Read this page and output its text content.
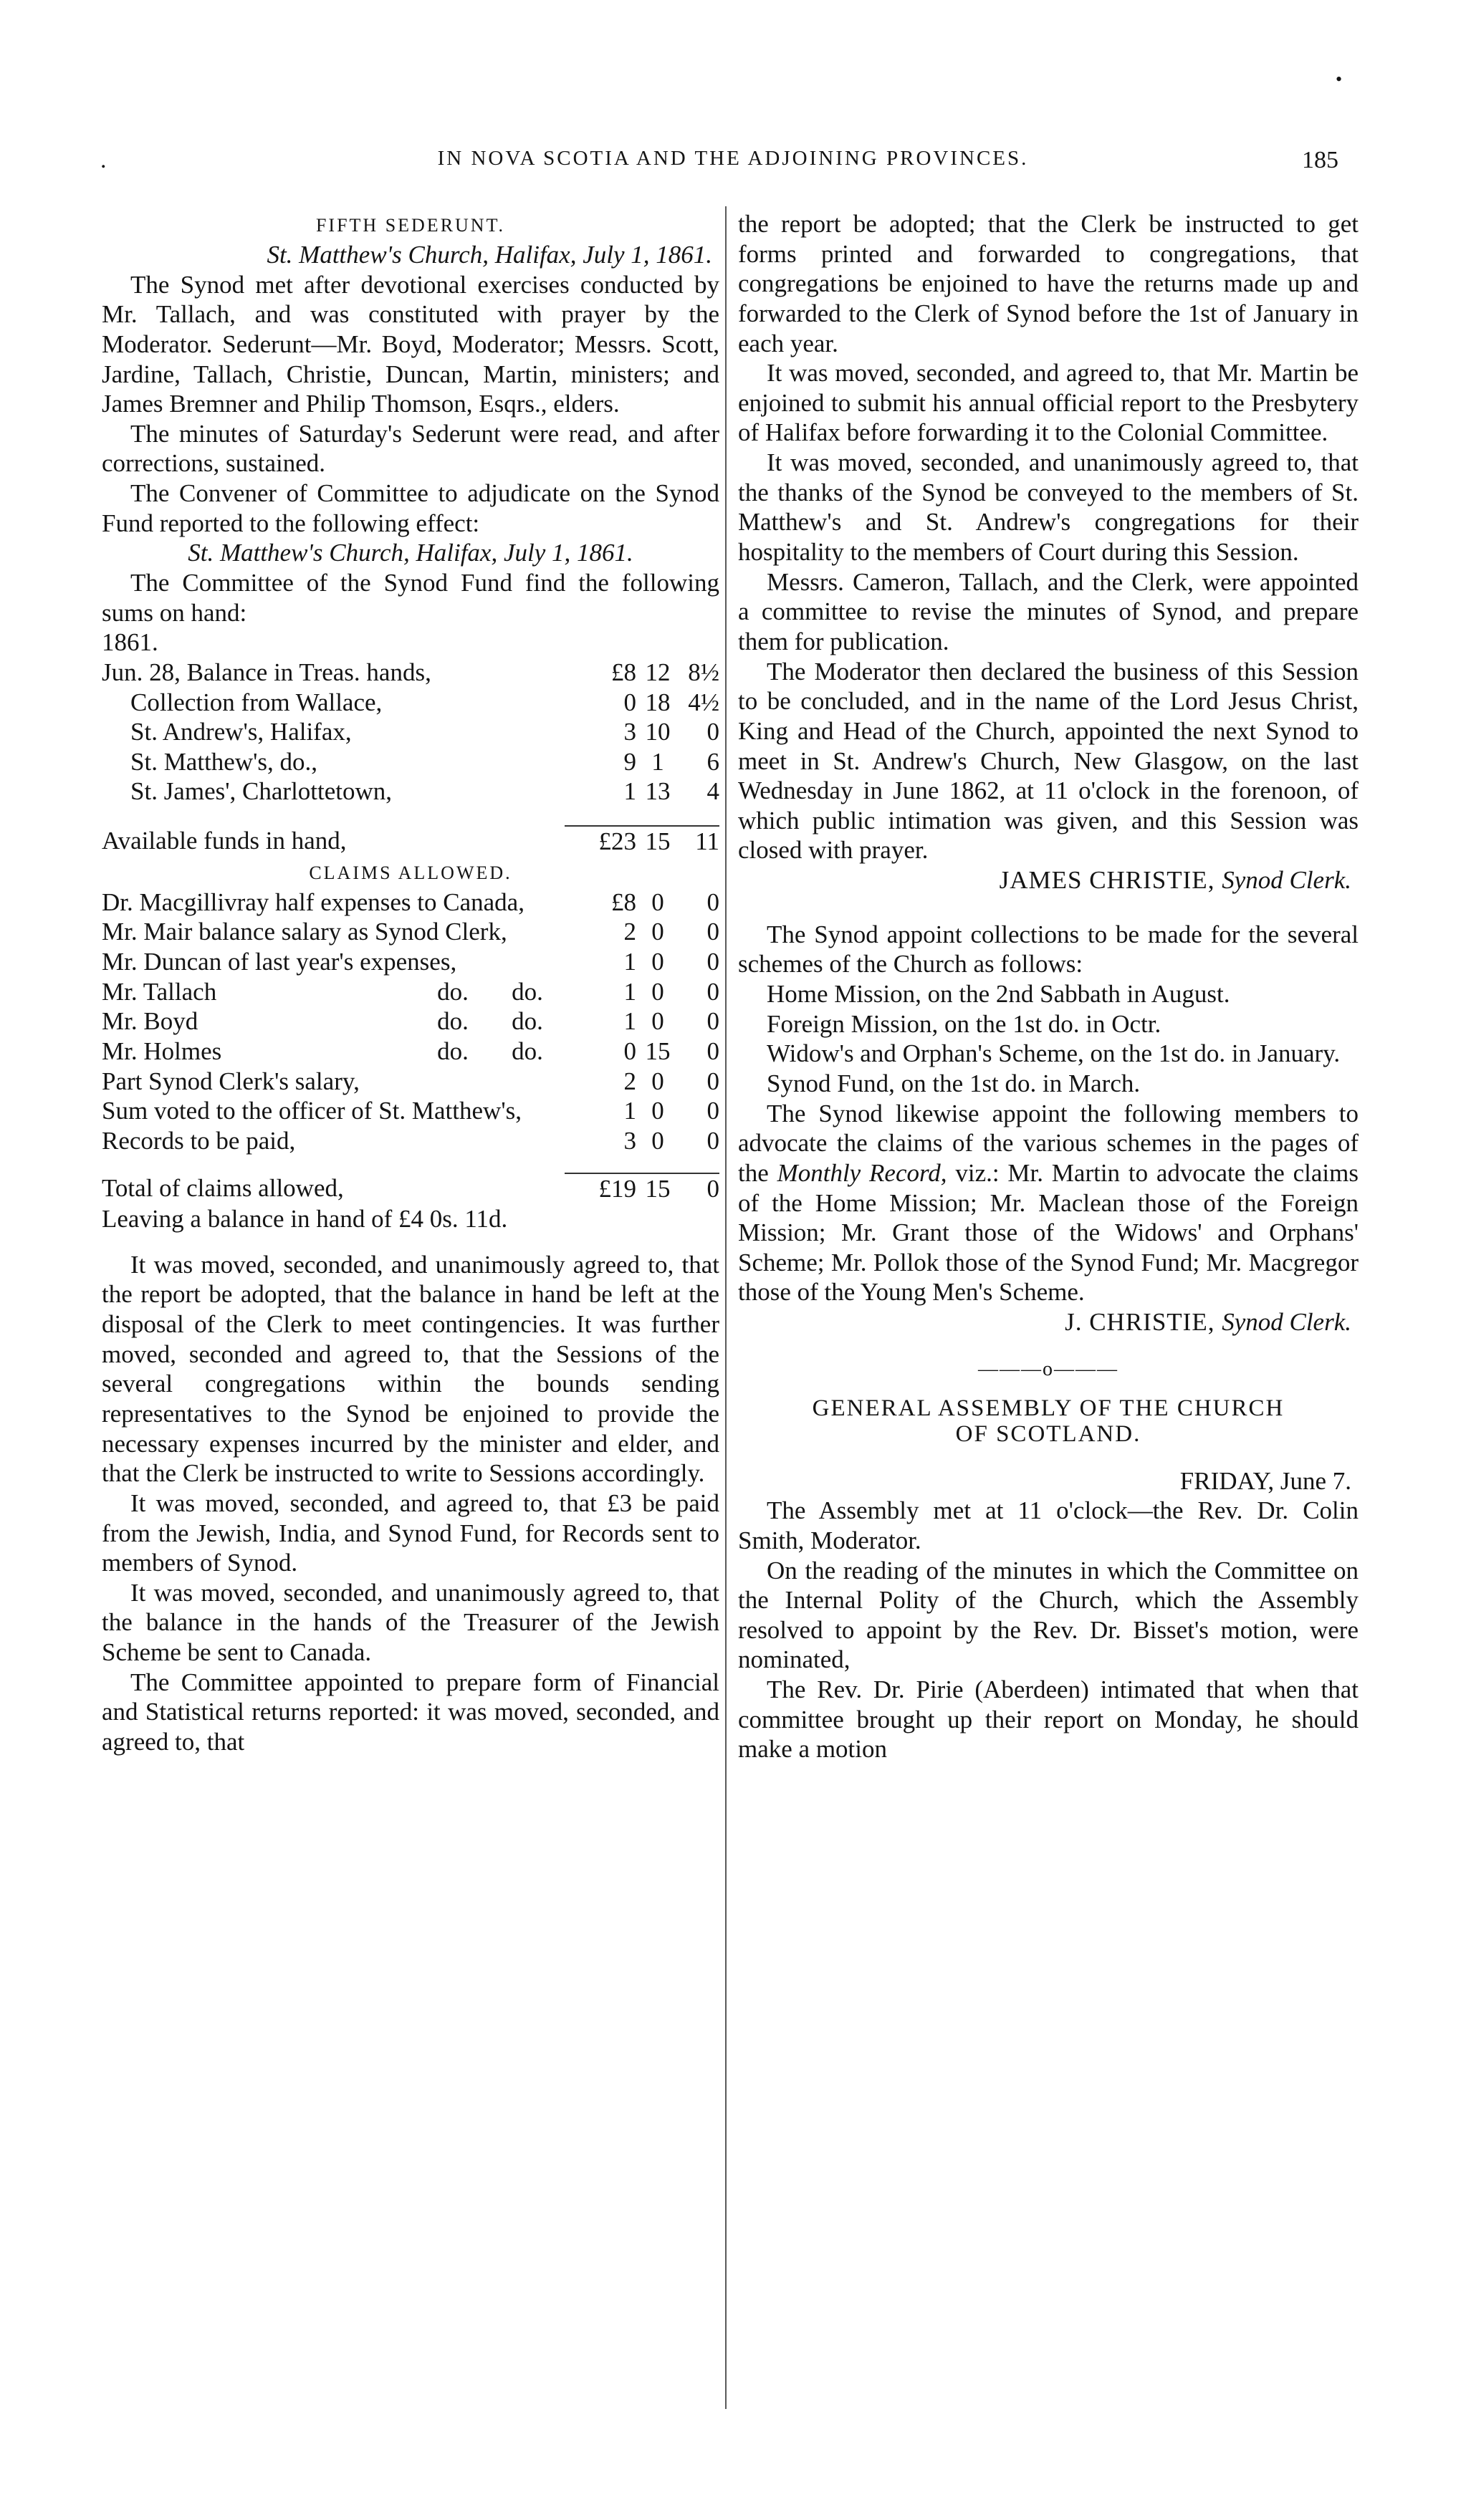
•
.	IN NOVA SCOTIA AND THE ADJOINING PROVINCES.	185
FIFTH SEDERUNT.

St. Matthew's Church, Halifax, July 1, 1861.

The Synod met after devotional exercises conducted by Mr. Tallach, and was constituted with prayer by the Moderator. Sederunt—Mr. Boyd, Moderator; Messrs. Scott, Jardine, Tallach, Christie, Duncan, Martin, ministers; and James Bremner and Philip Thomson, Esqrs., elders.

The minutes of Saturday's Sederunt were read, and after corrections, sustained.

The Convener of Committee to adjudicate on the Synod Fund reported to the following effect:

St. Matthew's Church, Halifax, July 1, 1861.

The Committee of the Synod Fund find the following sums on hand:

1861.

Jun. 28, Balance in Treas. hands,	£8	12	8½
Collection from Wallace,	0	18	4½
St. Andrew's, Halifax,	3	10	0
St. Matthew's, do.,	9	1	6
St. James', Charlottetown,	1	13	4

Available funds in hand,	£23	15	11
CLAIMS ALLOWED.
Dr. Macgillivray half expenses to Canada,			£8	0	0
Mr. Mair balance salary as Synod Clerk,			2	0	0
Mr. Duncan of last year's expenses,			1	0	0
Mr. Tallach	do.	do.	1	0	0
Mr. Boyd	do.	do.	1	0	0
Mr. Holmes	do.	do.	0	15	0
Part Synod Clerk's salary,			2	0	0
Sum voted to the officer of St. Matthew's,			1	0	0
Records to be paid,			3	0	0

Total of claims allowed,			£19	15	0

Leaving a balance in hand of £4 0s. 11d.

It was moved, seconded, and unanimously agreed to, that the report be adopted, that the balance in hand be left at the disposal of the Clerk to meet contingencies. It was further moved, seconded and agreed to, that the Sessions of the several congregations within the bounds sending representatives to the Synod be enjoined to provide the necessary expenses incurred by the minister and elder, and that the Clerk be instructed to write to Sessions accordingly.

It was moved, seconded, and agreed to, that £3 be paid from the Jewish, India, and Synod Fund, for Records sent to members of Synod.

It was moved, seconded, and unanimously agreed to, that the balance in the hands of the Treasurer of the Jewish Scheme be sent to Canada.

The Committee appointed to prepare form of Financial and Statistical returns reported: it was moved, seconded, and agreed to, that

the report be adopted; that the Clerk be instructed to get forms printed and forwarded to congregations, that congregations be enjoined to have the returns made up and forwarded to the Clerk of Synod before the 1st of January in each year.

It was moved, seconded, and agreed to, that Mr. Martin be enjoined to submit his annual official report to the Presbytery of Halifax before forwarding it to the Colonial Committee.

It was moved, seconded, and unanimously agreed to, that the thanks of the Synod be conveyed to the members of St. Matthew's and St. Andrew's congregations for their hospitality to the members of Court during this Session.

Messrs. Cameron, Tallach, and the Clerk, were appointed a committee to revise the minutes of Synod, and prepare them for publication.

The Moderator then declared the business of this Session to be concluded, and in the name of the Lord Jesus Christ, King and Head of the Church, appointed the next Synod to meet in St. Andrew's Church, New Glasgow, on the last Wednesday in June 1862, at 11 o'clock in the forenoon, of which public intimation was given, and this Session was closed with prayer.

JAMES CHRISTIE, Synod Clerk.

The Synod appoint collections to be made for the several schemes of the Church as follows:

Home Mission, on the 2nd Sabbath in August.

Foreign Mission, on the 1st do. in Octr.

Widow's and Orphan's Scheme, on the 1st do. in January.

Synod Fund, on the 1st do. in March.

The Synod likewise appoint the following members to advocate the claims of the various schemes in the pages of the Monthly Record, viz.: Mr. Martin to advocate the claims of the Home Mission; Mr. Maclean those of the Foreign Mission; Mr. Grant those of the Widows' and Orphans' Scheme; Mr. Pollok those of the Synod Fund; Mr. Macgregor those of the Young Men's Scheme.

J. CHRISTIE, Synod Clerk.

———o———
GENERAL ASSEMBLY OF THE CHURCH
OF SCOTLAND.

FRIDAY, June 7.

The Assembly met at 11 o'clock—the Rev. Dr. Colin Smith, Moderator.

On the reading of the minutes in which the Committee on the Internal Polity of the Church, which the Assembly resolved to appoint by the Rev. Dr. Bisset's motion, were nominated,

The Rev. Dr. Pirie (Aberdeen) intimated that when that committee brought up their report on Monday, he should make a motion
